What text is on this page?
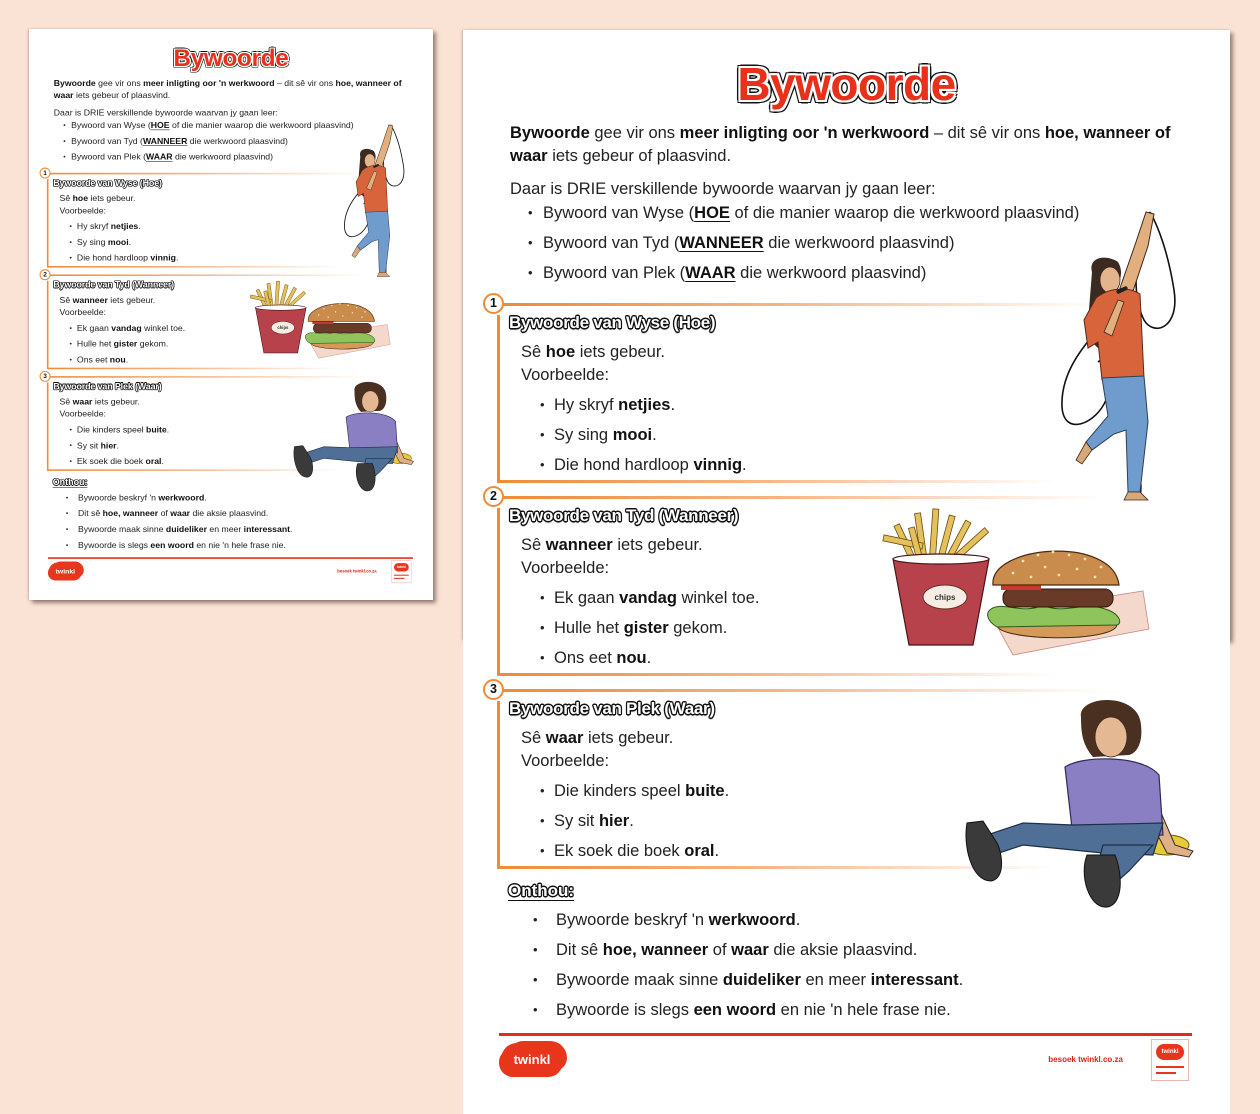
Bywoorde
Bywoorde gee vir ons meer inligting oor 'n werkwoord – dit sê vir ons hoe, wanneer of
waar iets gebeur of plaasvind.
Daar is DRIE verskillende bywoorde waarvan jy gaan leer:
• Bywoord van Wyse (HOE of die manier waarop die werkwoord plaasvind)
• Bywoord van Tyd (WANNEER die werkwoord plaasvind)
• Bywoord van Plek (WAAR die werkwoord plaasvind)
1
Bywoorde van Wyse (Hoe)
Sê hoe iets gebeur.
Voorbeelde:
• Hy skryf netjies.
• Sy sing mooi.
• Die hond hardloop vinnig.
2
Bywoorde van Tyd (Wanneer)
Sê wanneer iets gebeur.
Voorbeelde:
• Ek gaan vandag winkel toe.
• Hulle het gister gekom.
• Ons eet nou.
3
Bywoorde van Plek (Waar)
Sê waar iets gebeur.
Voorbeelde:
• Die kinders speel buite.
• Sy sit hier.
• Ek soek die boek oral.
Onthou:
• Bywoorde beskryf 'n werkwoord.
• Dit sê hoe, wanneer of waar die aksie plaasvind.
• Bywoorde maak sinne duideliker en meer interessant.
• Bywoorde is slegs een woord en nie 'n hele frase nie.
twinkl	besoek twinkl.co.za
twinkl
chips
Bywoorde
Bywoorde gee vir ons meer inligting oor 'n werkwoord – dit sê vir ons hoe, wanneer of
waar iets gebeur of plaasvind.
Daar is DRIE verskillende bywoorde waarvan jy gaan leer:
• Bywoord van Wyse (HOE of die manier waarop die werkwoord plaasvind)
• Bywoord van Tyd (WANNEER die werkwoord plaasvind)
• Bywoord van Plek (WAAR die werkwoord plaasvind)
1
Bywoorde van Wyse (Hoe)
Sê hoe iets gebeur.
Voorbeelde:
• Hy skryf netjies.
• Sy sing mooi.
• Die hond hardloop vinnig.
2
Bywoorde van Tyd (Wanneer)
Sê wanneer iets gebeur.
Voorbeelde:
• Ek gaan vandag winkel toe.
• Hulle het gister gekom.
• Ons eet nou.
3
Bywoorde van Plek (Waar)
Sê waar iets gebeur.
Voorbeelde:
• Die kinders speel buite.
• Sy sit hier.
• Ek soek die boek oral.
Onthou:
• Bywoorde beskryf 'n werkwoord.
• Dit sê hoe, wanneer of waar die aksie plaasvind.
• Bywoorde maak sinne duideliker en meer interessant.
• Bywoorde is slegs een woord en nie 'n hele frase nie.
twinkl	besoek twinkl.co.za
twinkl
chips
